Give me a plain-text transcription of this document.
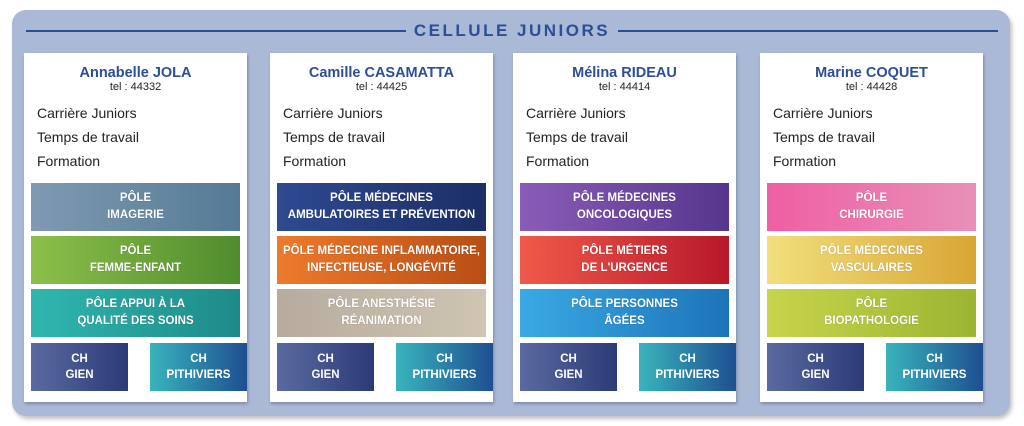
CELLULE JUNIORS
Annabelle JOLA
tel : 44332
Carrière Juniors
Temps de travail
Formation
PÔLE
IMAGERIE
PÔLE
FEMME-ENFANT
PÔLE APPUI À LA
QUALITÉ DES SOINS
CH
GIEN
CH
PITHIVIERS
Camille CASAMATTA
tel : 44425
Carrière Juniors
Temps de travail
Formation
PÔLE MÉDECINES
AMBULATOIRES ET PRÉVENTION
PÔLE MÉDECINE INFLAMMATOIRE,
INFECTIEUSE, LONGÉVITÉ
PÔLE ANESTHÉSIE
RÉANIMATION
CH
GIEN
CH
PITHIVIERS
Mélina RIDEAU
tel : 44414
Carrière Juniors
Temps de travail
Formation
PÔLE MÉDECINES
ONCOLOGIQUES
PÔLE MÉTIERS
DE L'URGENCE
PÔLE PERSONNES
ÂGÉES
CH
GIEN
CH
PITHIVIERS
Marine COQUET
tel : 44428
Carrière Juniors
Temps de travail
Formation
PÔLE
CHIRURGIE
PÔLE MÉDECINES
VASCULAIRES
PÔLE
BIOPATHOLOGIE
CH
GIEN
CH
PITHIVIERS
